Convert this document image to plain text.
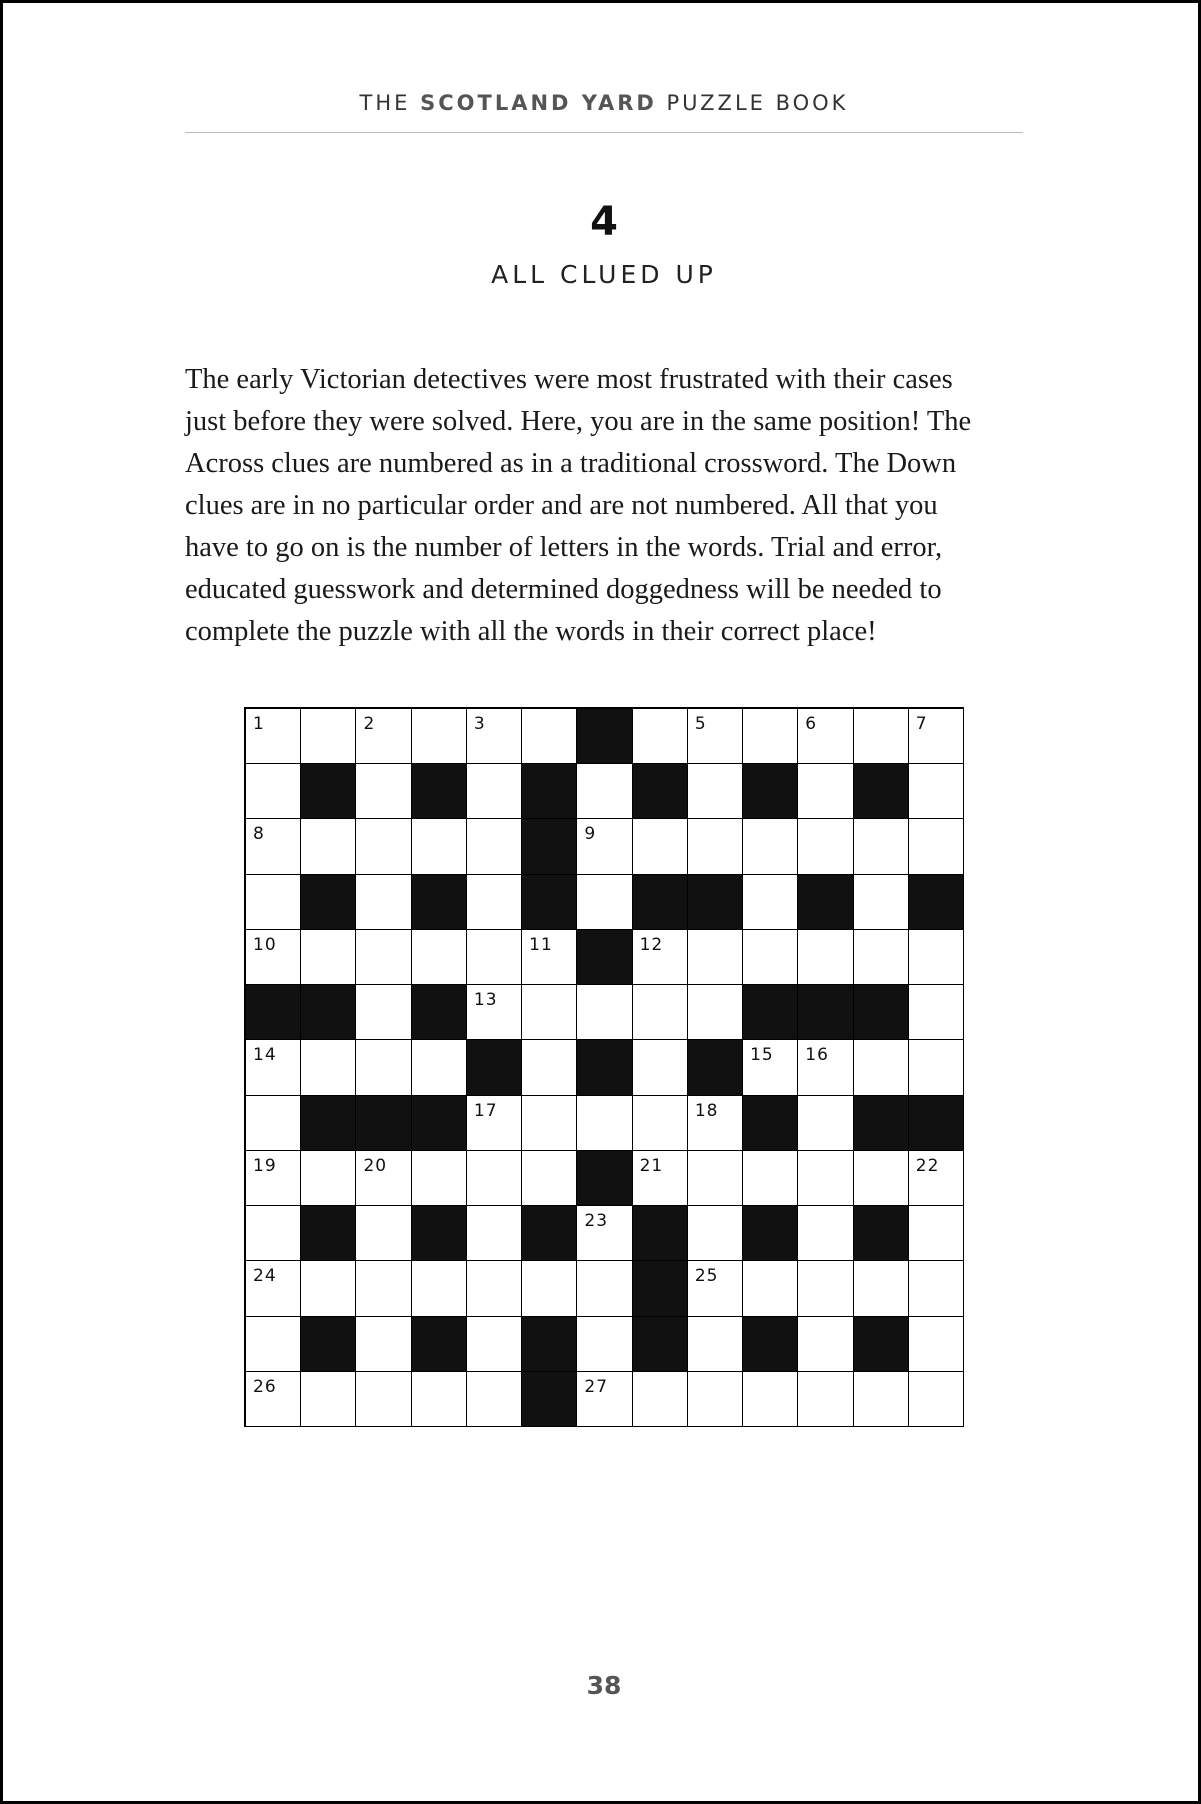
THE SCOTLAND YARD PUZZLE BOOK
4
ALL CLUED UP

The early Victorian detectives were most frustrated with their cases
just before they were solved. Here, you are in the same position! The
Across clues are numbered as in a traditional crossword. The Down
clues are in no particular order and are not numbered. All that you
have to go on is the number of letters in the words. Trial and error,
educated guesswork and determined doggedness will be needed to
complete the puzzle with all the words in their correct place!

1	2	3	5	6	7
8	9
10	11	12
13
14	15 16
17	18
19	20	21	22
23
24	25
26	27
38
